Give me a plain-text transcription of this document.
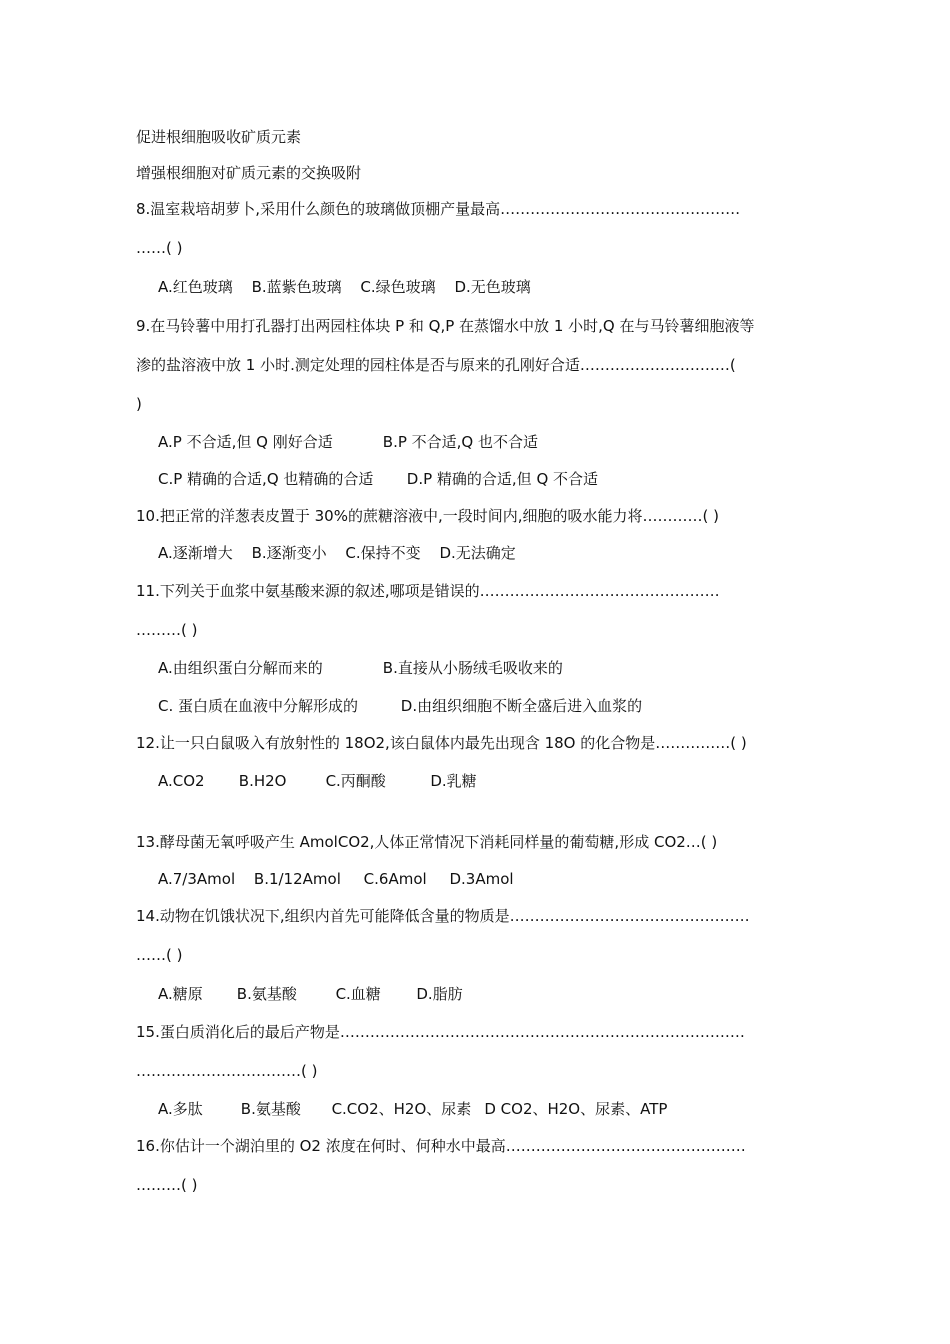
促进根细胞吸收矿质元素
增强根细胞对矿质元素的交换吸附
8.温室栽培胡萝卜,采用什么颜色的玻璃做顶棚产量最高…………………………………………
……( )
A.红色玻璃 B.蓝紫色玻璃 C.绿色玻璃 D.无色玻璃
9.在马铃薯中用打孔器打出两园柱体块 P 和 Q,P 在蒸馏水中放 1 小时,Q 在与马铃薯细胞液等
渗的盐溶液中放 1 小时.测定处理的园柱体是否与原来的孔刚好合适…………………………(
)
A.P 不合适,但 Q 刚好合适	B.P 不合适,Q 也不合适
C.P 精确的合适,Q 也精确的合适 D.P 精确的合适,但 Q 不合适
10.把正常的洋葱表皮置于 30%的蔗糖溶液中,一段时间内,细胞的吸水能力将…………( )
A.逐渐增大 B.逐渐变小 C.保持不变 D.无法确定
11.下列关于血浆中氨基酸来源的叙述,哪项是错误的…………………………………………
………( )
A.由组织蛋白分解而来的	B.直接从小肠绒毛吸收来的
C. 蛋白质在血液中分解形成的	D.由组织细胞不断全盛后进入血浆的
12.让一只白鼠吸入有放射性的 18O2,该白鼠体内最先出现含 18O 的化合物是……………( )
A.CO2 B.H2O	C.丙酮酸	D.乳糖
13.酵母菌无氧呼吸产生 AmolCO2,人体正常情况下消耗同样量的葡萄糖,形成 CO2…( )
A.7/3Amol B.1/12Amol C.6Amol D.3Amol
14.动物在饥饿状况下,组织内首先可能降低含量的物质是…………………………………………
……( )
A.糖原 B.氨基酸	C.血糖 D.脂肪
15.蛋白质消化后的最后产物是………………………………………………………………………
……………………………( )
A.多肽	B.氨基酸 C.CO2、H2O、尿素 D CO2、H2O、尿素、ATP
16.你估计一个湖泊里的 O2 浓度在何时、何种水中最高…………………………………………
………( )
